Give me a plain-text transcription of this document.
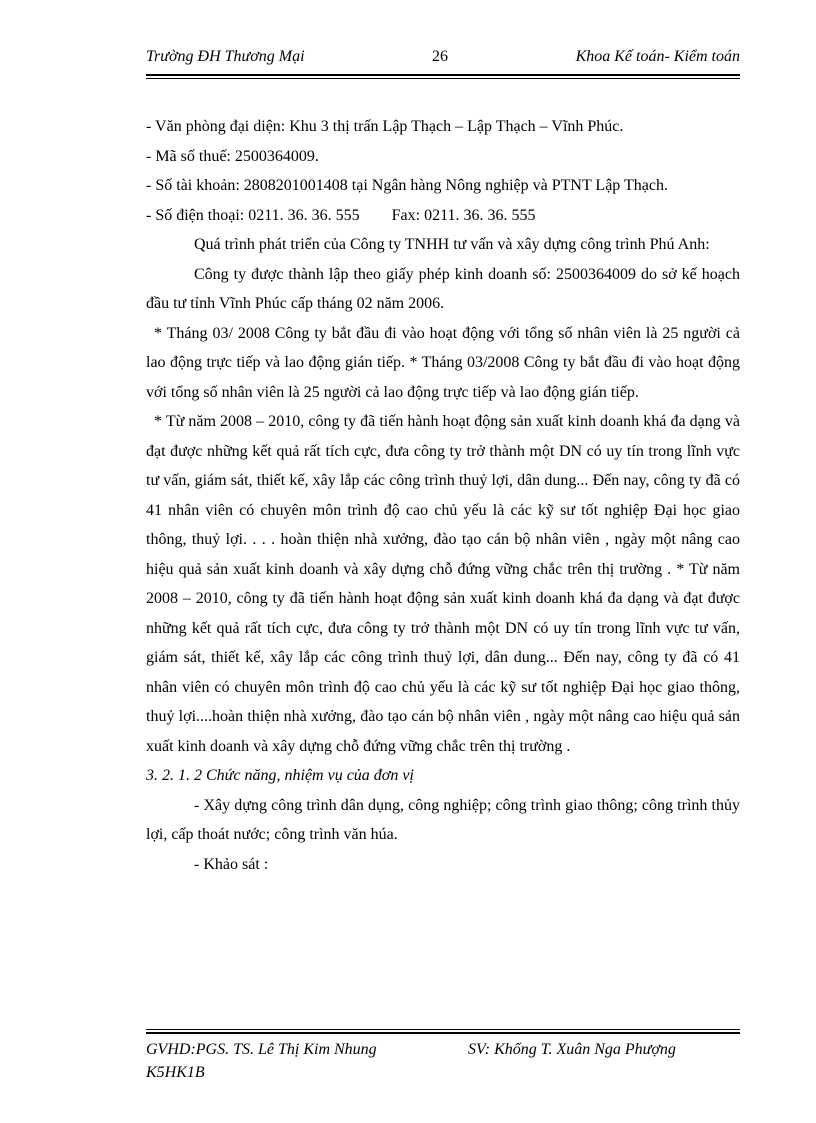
Trường ĐH Thương Mại	26	Khoa Kế toán- Kiểm toán

- Văn phòng đại diện: Khu 3 thị trấn Lập Thạch – Lập Thạch – Vĩnh Phúc.

- Mã số thuế: 2500364009.

- Số tài khoản: 2808201001408 tại Ngân hàng Nông nghiệp và PTNT Lập Thạch.

- Số điện thoại: 0211. 36. 36. 555        Fax: 0211. 36. 36. 555

Quá trình phát triển của Công ty TNHH tư vấn và xây dựng công trình Phú Anh:

Công ty được thành lập theo giấy phép kinh doanh số: 2500364009 do sở kế hoạch đầu tư tỉnh Vĩnh Phúc cấp tháng 02 năm 2006.

* Tháng 03/ 2008 Công ty bắt đầu đi vào hoạt động với tổng số nhân viên là 25 người cả lao động trực tiếp và lao động gián tiếp. * Tháng 03/2008 Công ty bắt đầu đi vào hoạt động với tổng số nhân viên là 25 người cả lao động trực tiếp và lao động gián tiếp.

* Từ năm 2008 – 2010, công ty đã tiến hành hoạt động sản xuất kinh doanh khá đa dạng và đạt được những kết quả rất tích cực, đưa công ty trở thành một DN có uy tín trong lĩnh vực tư vấn, giám sát, thiết kế, xây lắp các công trình thuỷ lợi, dân dung... Đến nay, công ty đã có 41 nhân viên có chuyên môn trình độ cao chủ yếu là các kỹ sư tốt nghiệp Đại học giao thông, thuỷ lợi. . . . hoàn thiện nhà xưởng, đào tạo cán bộ nhân viên , ngày một nâng cao hiệu quả sản xuất kinh doanh và xây dựng chỗ đứng vững chắc trên thị trường . * Từ năm 2008 – 2010, công ty đã tiến hành hoạt động sản xuất kinh doanh khá đa dạng và đạt được những kết quả rất tích cực, đưa công ty trở thành một DN có uy tín trong lĩnh vực tư vấn, giám sát, thiết kế, xây lắp các công trình thuỷ lợi, dân dung... Đến nay, công ty đã có 41 nhân viên có chuyên môn trình độ cao chủ yếu là các kỹ sư tốt nghiệp Đại học giao thông, thuỷ lợi....hoàn thiện nhà xưởng, đào tạo cán bộ nhân viên , ngày một nâng cao hiệu quả sản xuất kinh doanh và xây dựng chỗ đứng vững chắc trên thị trường .

3. 2. 1. 2 Chức năng, nhiệm vụ của đơn vị

- Xây dựng công trình dân dụng, công nghiệp; công trình giao thông; công trình thủy lợi, cấp thoát nước; công trình văn húa.

- Khảo sát :

GVHD:PGS. TS. Lê Thị Kim Nhung	SV: Khổng T. Xuân Nga Phượng
K5HK1B
